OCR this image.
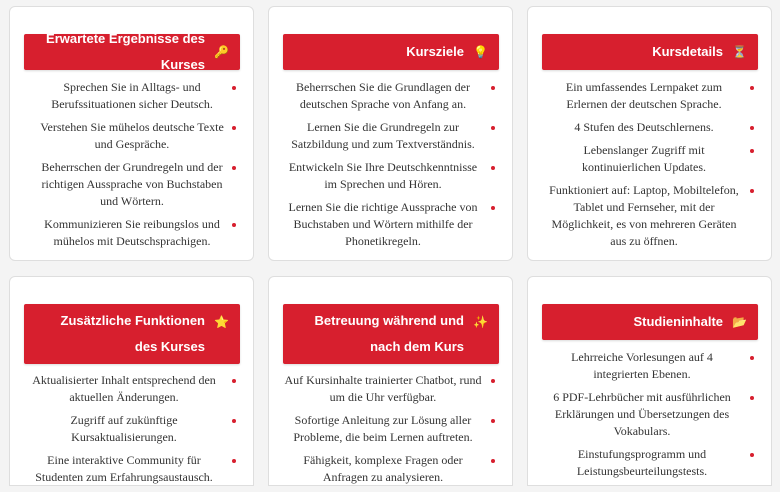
Erwartete Ergebnisse des Kurses
🔑
Sprechen Sie in Alltags- und Berufssituationen sicher Deutsch.
Verstehen Sie mühelos deutsche Texte und Gespräche.
Beherrschen der Grundregeln und der richtigen Aussprache von Buchstaben und Wörtern.
Kommunizieren Sie reibungslos und mühelos mit Deutschsprachigen.
Kursziele 💡
Beherrschen Sie die Grundlagen der deutschen Sprache von Anfang an.
Lernen Sie die Grundregeln zur Satzbildung und zum Textverständnis.
Entwickeln Sie Ihre Deutschkenntnisse im Sprechen und Hören.
Lernen Sie die richtige Aussprache von Buchstaben und Wörtern mithilfe der Phonetikregeln.
Kursdetails ⏳
Ein umfassendes Lernpaket zum Erlernen der deutschen Sprache.
4 Stufen des Deutschlernens.
Lebenslanger Zugriff mit kontinuierlichen Updates.
Funktioniert auf: Laptop, Mobiltelefon, Tablet und Fernseher, mit der Möglichkeit, es von mehreren Geräten aus zu öffnen.
Zusätzliche Funktionen des Kurses
⭐
Aktualisierter Inhalt entsprechend den aktuellen Änderungen.
Zugriff auf zukünftige Kursaktualisierungen.
Eine interaktive Community für Studenten zum Erfahrungsaustausch.
Betreuung während und nach dem Kurs
✨
Auf Kursinhalte trainierter Chatbot, rund um die Uhr verfügbar.
Sofortige Anleitung zur Lösung aller Probleme, die beim Lernen auftreten.
Fähigkeit, komplexe Fragen oder Anfragen zu analysieren.
Studieninhalte 📂
Lehrreiche Vorlesungen auf 4 integrierten Ebenen.
6 PDF-Lehrbücher mit ausführlichen Erklärungen und Übersetzungen des Vokabulars.
Einstufungsprogramm und Leistungsbeurteilungstests.
